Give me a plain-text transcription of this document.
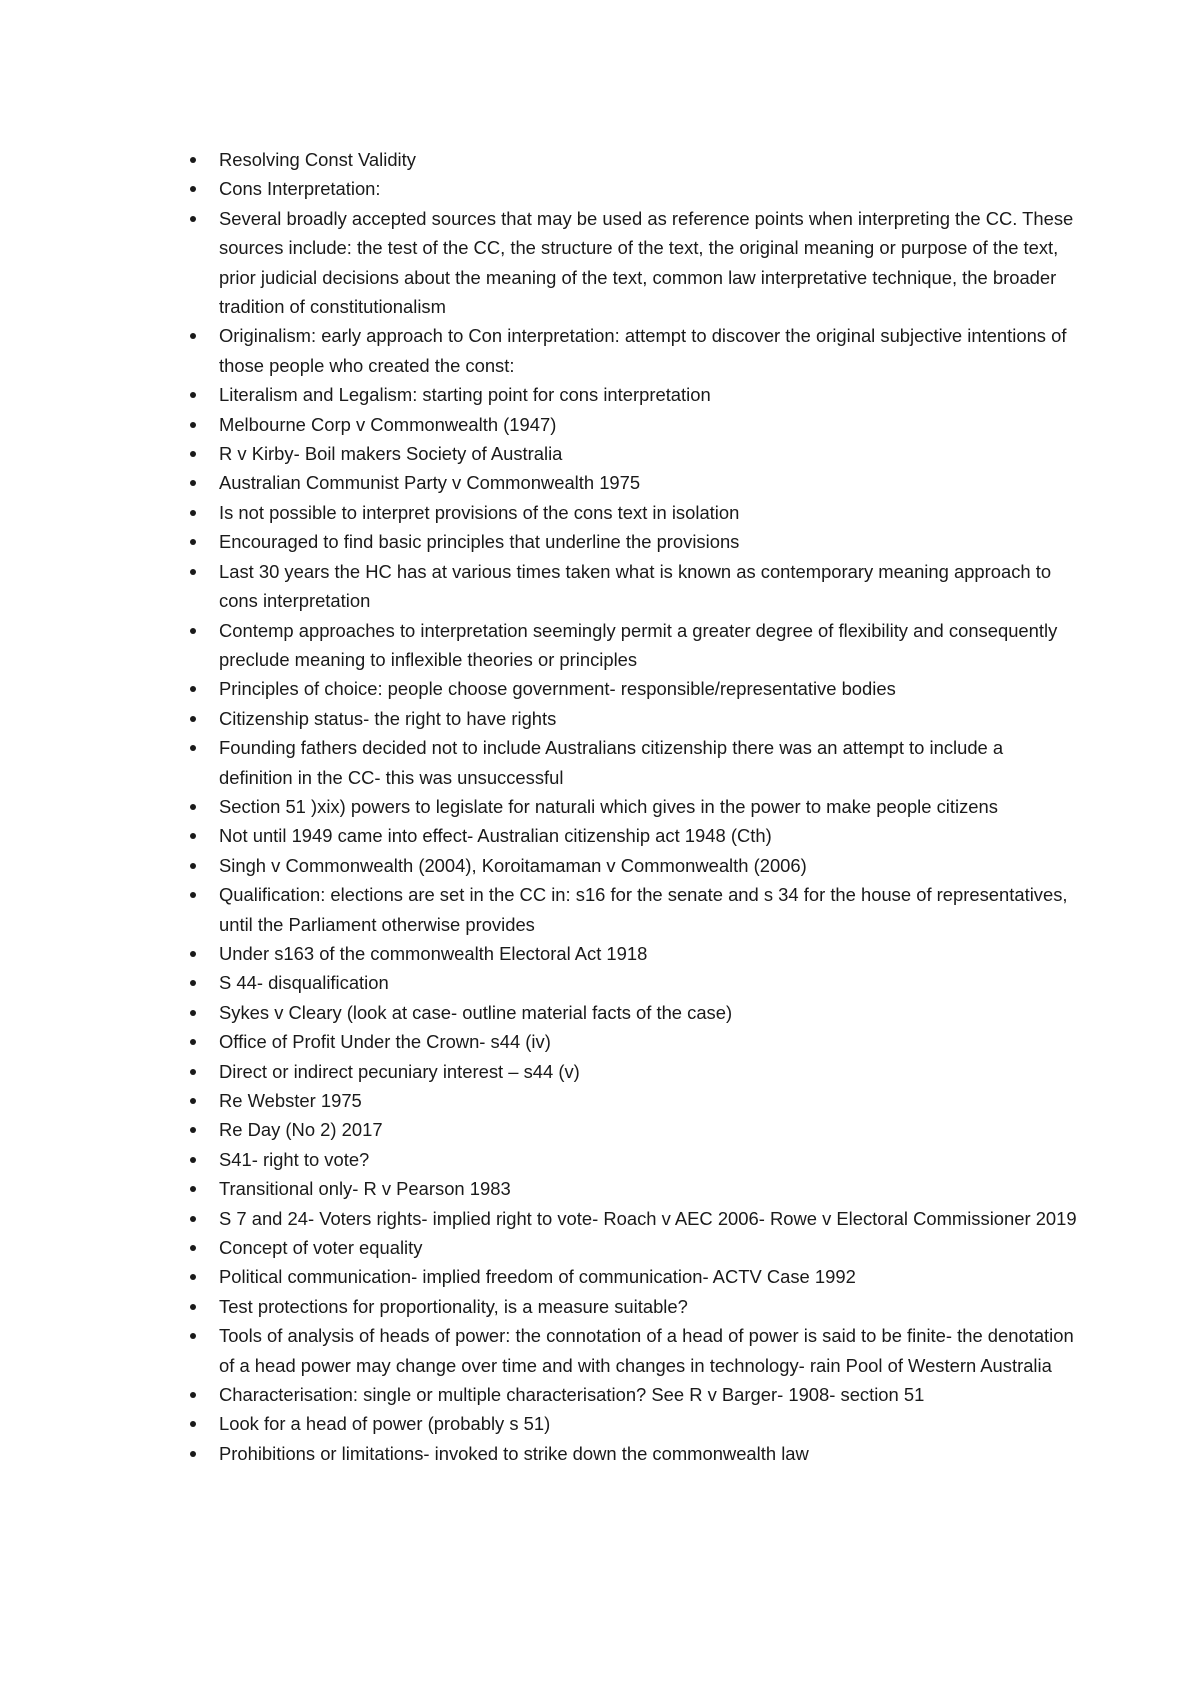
Resolving Const Validity
Cons Interpretation:
Several broadly accepted sources that may be used as reference points when interpreting the CC. These sources include: the test of the CC, the structure of the text, the original meaning or purpose of the text, prior judicial decisions about the meaning of the text, common law interpretative technique, the broader tradition of constitutionalism
Originalism: early approach to Con interpretation: attempt to discover the original subjective intentions of those people who created the const:
Literalism and Legalism: starting point for cons interpretation
Melbourne Corp v Commonwealth (1947)
R v Kirby- Boil makers Society of Australia
Australian Communist Party v Commonwealth 1975
Is not possible to interpret provisions of the cons text in isolation
Encouraged to find basic principles that underline the provisions
Last 30 years the HC has at various times taken what is known as contemporary meaning approach to cons interpretation
Contemp approaches to interpretation seemingly permit a greater degree of flexibility and consequently preclude meaning to inflexible theories or principles
Principles of choice: people choose government- responsible/representative bodies
Citizenship status- the right to have rights
Founding fathers decided not to include Australians citizenship there was an attempt to include a definition in the CC- this was unsuccessful
Section 51 )xix) powers to legislate for naturali which gives in the power to make people citizens
Not until 1949 came into effect- Australian citizenship act 1948 (Cth)
Singh v Commonwealth (2004), Koroitamaman v Commonwealth (2006)
Qualification: elections are set in the CC in: s16 for the senate and s 34 for the house of representatives, until the Parliament otherwise provides
Under s163 of the commonwealth Electoral Act 1918
S 44- disqualification
Sykes v Cleary (look at case- outline material facts of the case)
Office of Profit Under the Crown- s44 (iv)
Direct or indirect pecuniary interest – s44 (v)
Re Webster 1975
Re Day (No 2) 2017
S41- right to vote?
Transitional only- R v Pearson 1983
S 7 and 24- Voters rights- implied right to vote- Roach v AEC 2006- Rowe v Electoral Commissioner 2019
Concept of voter equality
Political communication- implied freedom of communication- ACTV Case 1992
Test protections for proportionality, is a measure suitable?
Tools of analysis of heads of power: the connotation of a head of power is said to be finite- the denotation of a head power may change over time and with changes in technology- rain Pool of Western Australia
Characterisation: single or multiple characterisation? See R v Barger- 1908- section 51
Look for a head of power (probably s 51)
Prohibitions or limitations- invoked to strike down the commonwealth law
